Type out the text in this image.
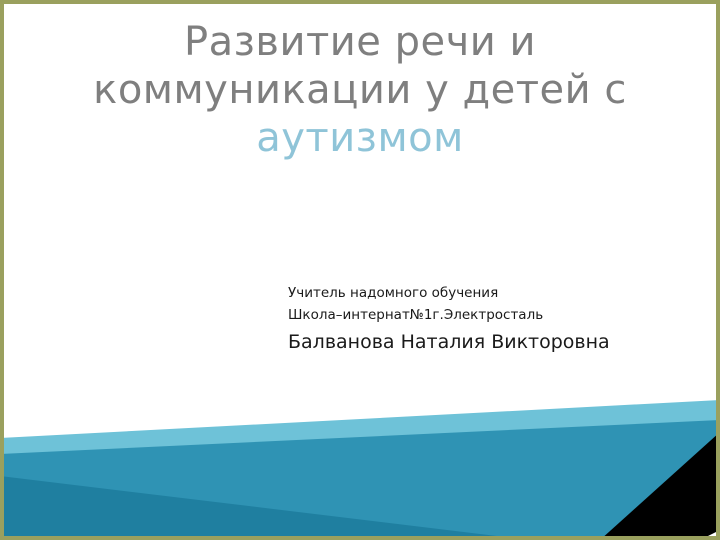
Развитие речи и
коммуникации у детей с
аутизмом
Учитель надомного обучения
Школа–интернат№1г.Электросталь
Балванова Наталия Викторовна
